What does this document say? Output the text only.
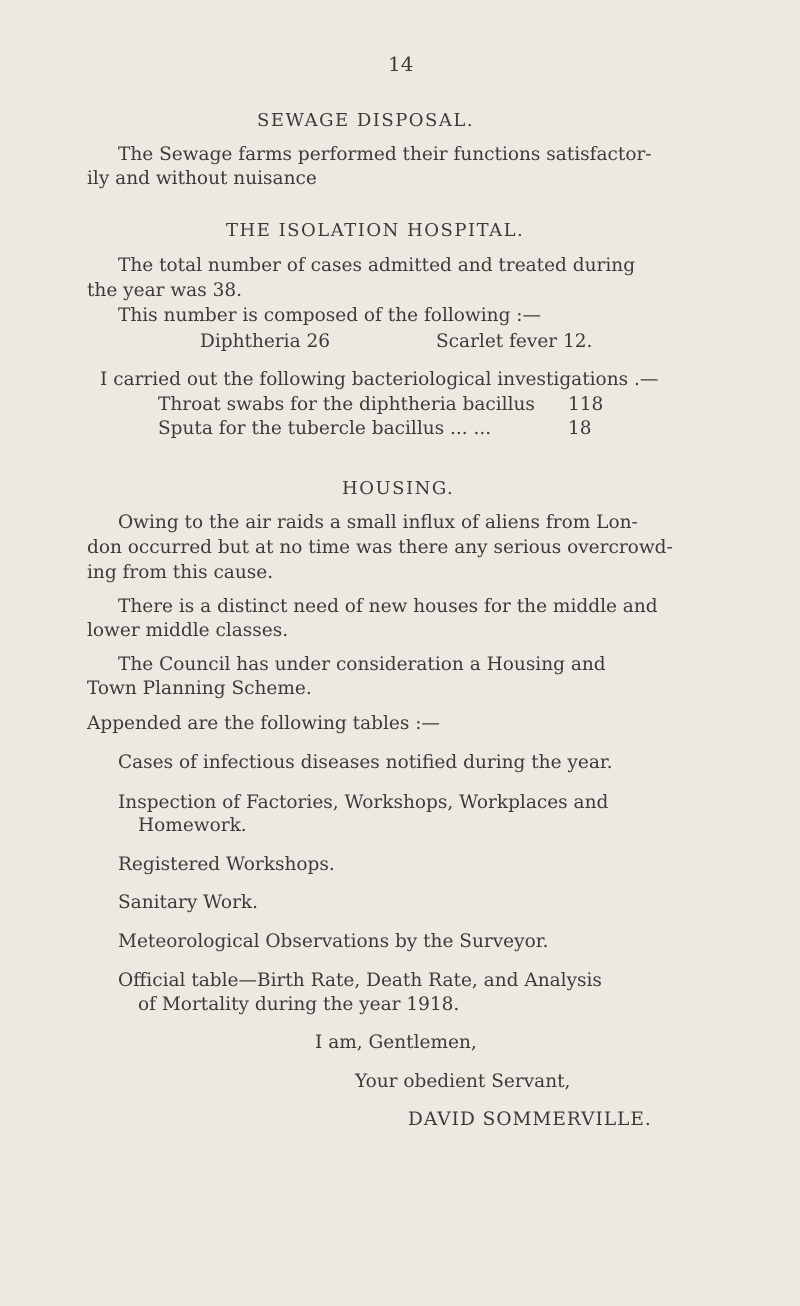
14
SEWAGE DISPOSAL.
The Sewage farms performed their functions satisfactor-
ily and without nuisance
THE ISOLATION HOSPITAL.
The total number of cases admitted and treated during
the year was 38.
This number is composed of the following :—
Diphtheria 26	Scarlet fever 12.
I carried out the following bacteriological investigations .—
Throat swabs for the diphtheria bacillus 118
Sputa for the tubercle bacillus ... ...	18
HOUSING.
Owing to the air raids a small influx of aliens from Lon-
don occurred but at no time was there any serious overcrowd-
ing from this cause.
There is a distinct need of new houses for the middle and
lower middle classes.
The Council has under consideration a Housing and
Town Planning Scheme.
Appended are the following tables :—
Cases of infectious diseases notified during the year.
Inspection of Factories, Workshops, Workplaces and
Homework.
Registered Workshops.
Sanitary Work.
Meteorological Observations by the Surveyor.
Official table—Birth Rate, Death Rate, and Analysis
of Mortality during the year 1918.
I am, Gentlemen,
Your obedient Servant,
DAVID SOMMERVILLE.
